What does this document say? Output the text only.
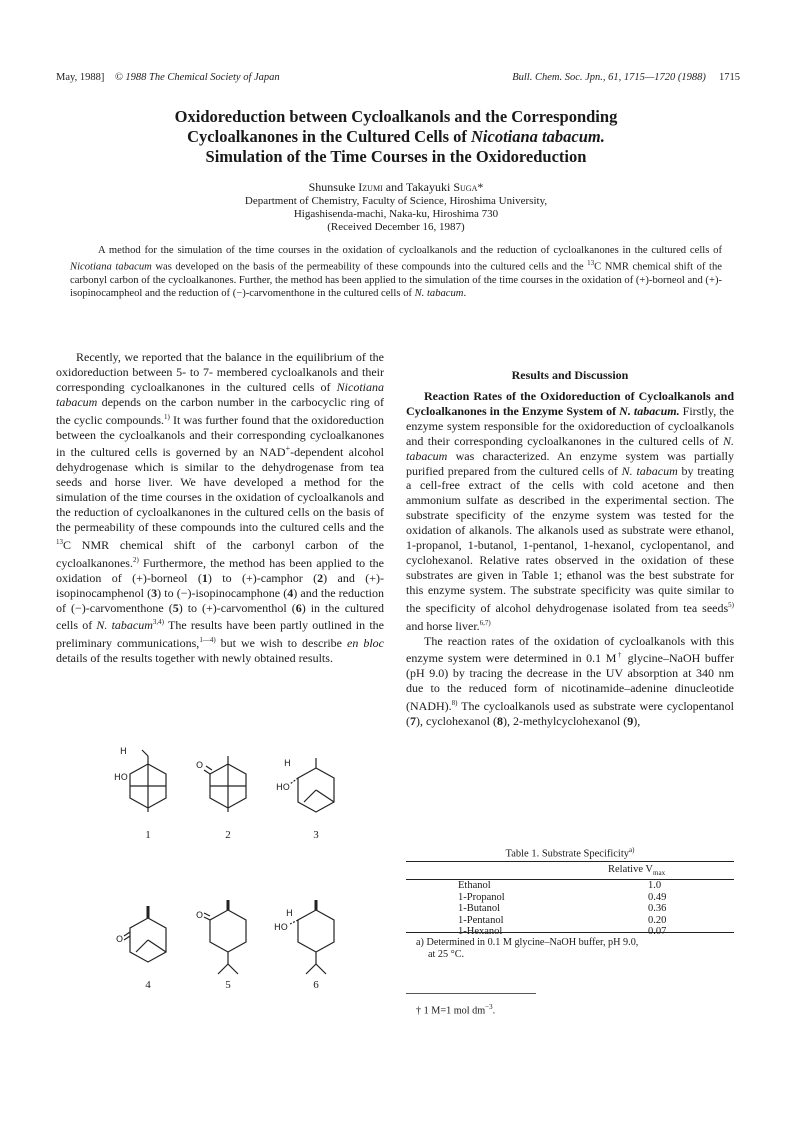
May, 1988] © 1988 The Chemical Society of Japan	Bull. Chem. Soc. Jpn., 61, 1715—1720 (1988) 1715
Oxidoreduction between Cycloalkanols and the Corresponding
Cycloalkanones in the Cultured Cells of Nicotiana tabacum.
Simulation of the Time Courses in the Oxidoreduction
Shunsuke Izumi and Takayuki Suga*
Department of Chemistry, Faculty of Science, Hiroshima University,
Higashisenda-machi, Naka-ku, Hiroshima 730
(Received December 16, 1987)

A method for the simulation of the time courses in the oxidation of cycloalkanols and the reduction of cycloalkanones in the cultured cells of Nicotiana tabacum was developed on the basis of the permeability of these compounds into the cultured cells and the $^{13}$C NMR chemical shift of the carbonyl carbon of the cycloalkanones. Further, the method has been applied to the simulation of the time courses in the oxidation of (+)-borneol and (+)-isopinocampheol and the reduction of (−)-carvomenthone in the cultured cells of N. tabacum.

Recently, we reported that the balance in the equilibrium of the oxidoreduction between 5- to 7- membered cycloalkanols and their corresponding cycloalkanones in the cultured cells of Nicotiana tabacum depends on the carbon number in the carbocyclic ring of the cyclic compounds.$^{1)}$ It was further found that the oxidoreduction between the cycloalkanols and their corresponding cycloalkanones in the cultured cells is governed by an NAD+-dependent alcohol dehydrogenase which is similar to the dehydrogenase from tea seeds and horse liver. We have developed a method for the simulation of the time courses in the oxidation of cycloalkanols and the reduction of cycloalkanones in the cultured cells on the basis of the permeability of these compounds into the cultured cells and the $^{13}$C NMR chemical shift of the carbonyl carbon of the cycloalkanones.$^{2)}$ Furthermore, the method has been applied to the oxidation of (+)-borneol (1) to (+)-camphor (2) and (+)-isopinocamphenol (3) to (−)-isopinocamphone (4) and the reduction of (−)-carvomenthone (5) to (+)-carvomenthol (6) in the cultured cells of N. tabacum$^{3,4)}$ The results have been partly outlined in the preliminary communications,$^{1—4)}$ but we wish to describe en bloc details of the results together with newly obtained results.

H
HO
O	H
HO
O
O	H
HO
1	2	3
4	5	6
Results and Discussion

Reaction Rates of the Oxidoreduction of Cycloalkanols and Cycloalkanones in the Enzyme System of N. tabacum. Firstly, the enzyme system responsible for the oxidoreduction of cycloalkanols and their corresponding cycloalkanones in the cultured cells of N. tabacum was characterized. An enzyme system was partially purified prepared from the cultured cells of N. tabacum by treating a cell-free extract of the cells with cold acetone and then ammonium sulfate as described in the experimental section. The substrate specificity of the enzyme system was tested for the oxidation of alkanols. The alkanols used as substrate were ethanol, 1-propanol, 1-butanol, 1-pentanol, 1-hexanol, cyclopentanol, and cyclohexanol. Relative rates observed in the oxidation of these substrates are given in Table 1; ethanol was the best substrate for this enzyme system. The substrate specificity was quite similar to the specificity of alcohol dehydrogenase isolated from tea seeds$^{5)}$ and horse liver.$^{6,7)}$

The reaction rates of the oxidation of cycloalkanols with this enzyme system were determined in 0.1 M† glycine–NaOH buffer (pH 9.0) by tracing the decrease in the UV absorption at 340 nm due to the reduced form of nicotinamide–adenine dinucleotide (NADH).$^{8)}$ The cycloalkanols used as substrate were cyclopentanol (7), cyclohexanol (8), 2-methylcyclohexanol (9),

Table 1. Substrate Specificity$^{a)}$
	Relative $V_{max}$
Ethanol	1.0
1-Propanol	0.49
1-Butanol	0.36
1-Pentanol	0.20
1-Hexanol	0.07
a) Determined in 0.1 M glycine–NaOH buffer, pH 9.0,
at 25 °C.
† 1 M=1 mol $dm^{-3}$.
